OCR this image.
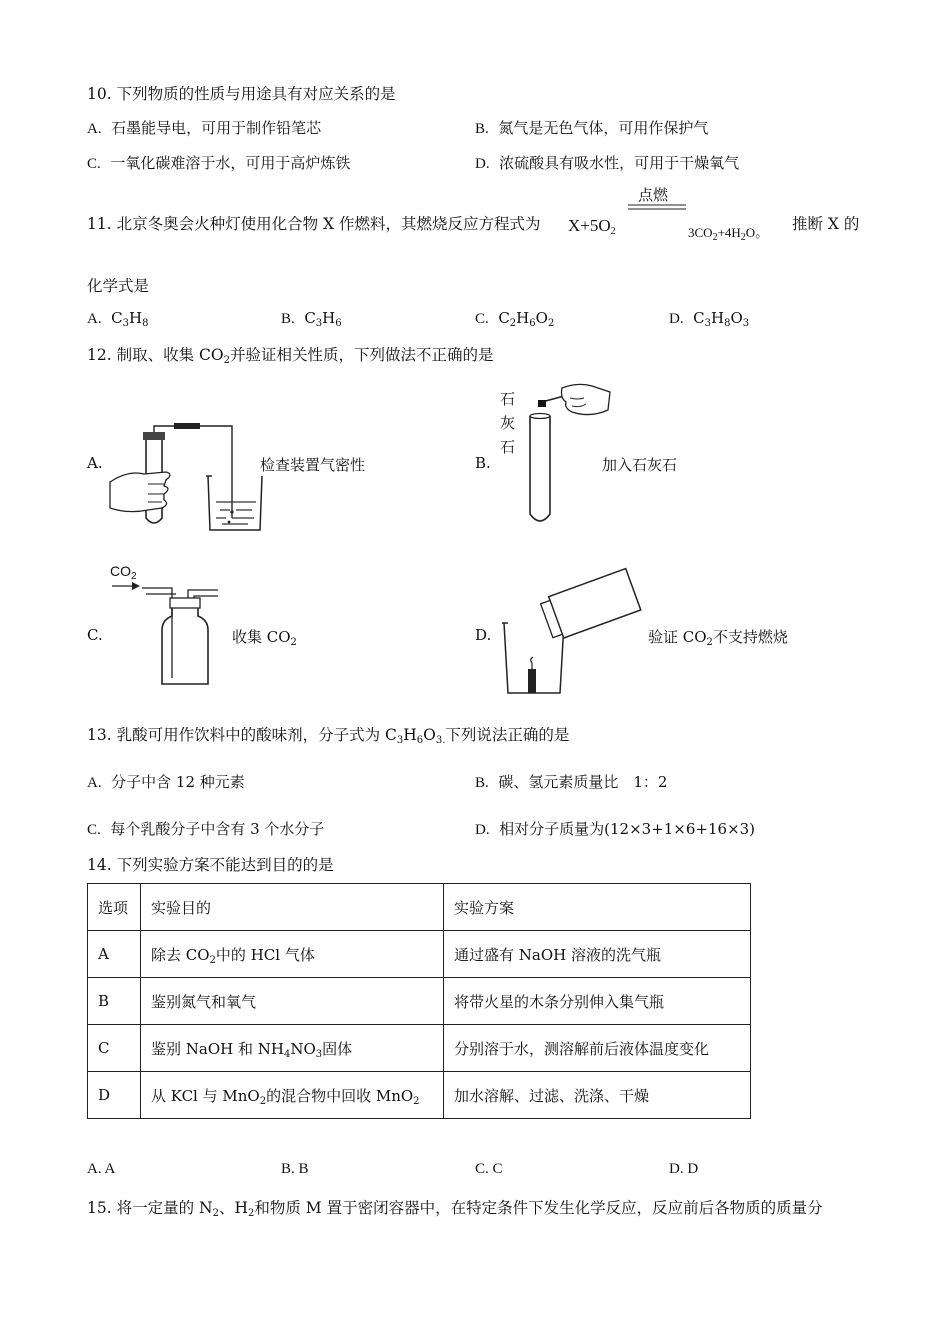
10. 下列物质的性质与用途具有对应关系的是
A. 石墨能导电，可用于制作铅笔芯	B. 氮气是无色气体，可用作保护气
C. 一氧化碳难溶于水，可用于高炉炼铁	D. 浓硫酸具有吸水性，可用于干燥氧气
11. 北京冬奥会火种灯使用化合物 X 作燃料，其燃烧反应方程式为 $X+5O_2$
点燃
$3CO_2+4H_2O$。 推断 X 的
化学式是
A. $C_3H_8$	B. $C_3H_6$	C. $C_2H_6O_2$	D. $C_3H_8O_3$
12. 制取、收集 $CO_2$并验证相关性质，下列做法不正确的是
A.	检查装置气密性	B.
石
灰
石
加入石灰石
C.
$CO_2$
收集 $CO_2$	D.	验证 $CO_2$不支持燃烧
13. 乳酸可用作饮料中的酸味剂，分子式为 $C_3H_6O_{3.}$下列说法正确的是
A. 分子中含 12 种元素	B. 碳、氢元素质量比　1：2
C. 每个乳酸分子中含有 3 个水分子	D. 相对分子质量为(12×3+1×6+16×3)
14. 下列实验方案不能达到目的的是
选项	实验目的	实验方案
A	除去 $CO_2$中的 HCl 气体	通过盛有 NaOH 溶液的洗气瓶
B	鉴别氮气和氧气	将带火星的木条分别伸入集气瓶
C	鉴别 NaOH 和 $NH_4NO_3$固体	分别溶于水，测溶解前后液体温度变化
D	从 KCl 与 MnO$_2$的混合物中回收 MnO$_2$	加水溶解、过滤、洗涤、干燥
A. A	B. B	C. C	D. D
15. 将一定量的 $N_2$、$H_2$和物质 M 置于密闭容器中，在特定条件下发生化学反应，反应前后各物质的质量分
